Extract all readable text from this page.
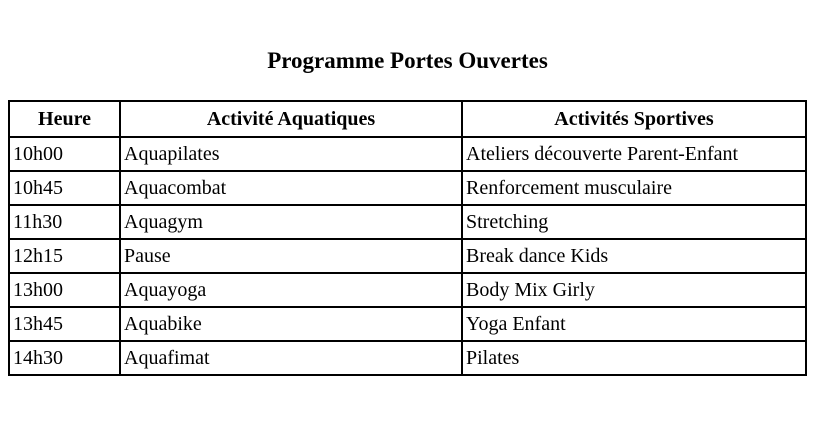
Programme Portes Ouvertes
Heure	Activité Aquatiques	Activités Sportives
10h00	Aquapilates	Ateliers découverte Parent-Enfant
10h45	Aquacombat	Renforcement musculaire
11h30	Aquagym	Stretching
12h15	Pause	Break dance Kids
13h00	Aquayoga	Body Mix Girly
13h45	Aquabike	Yoga Enfant
14h30	Aquafimat	Pilates
